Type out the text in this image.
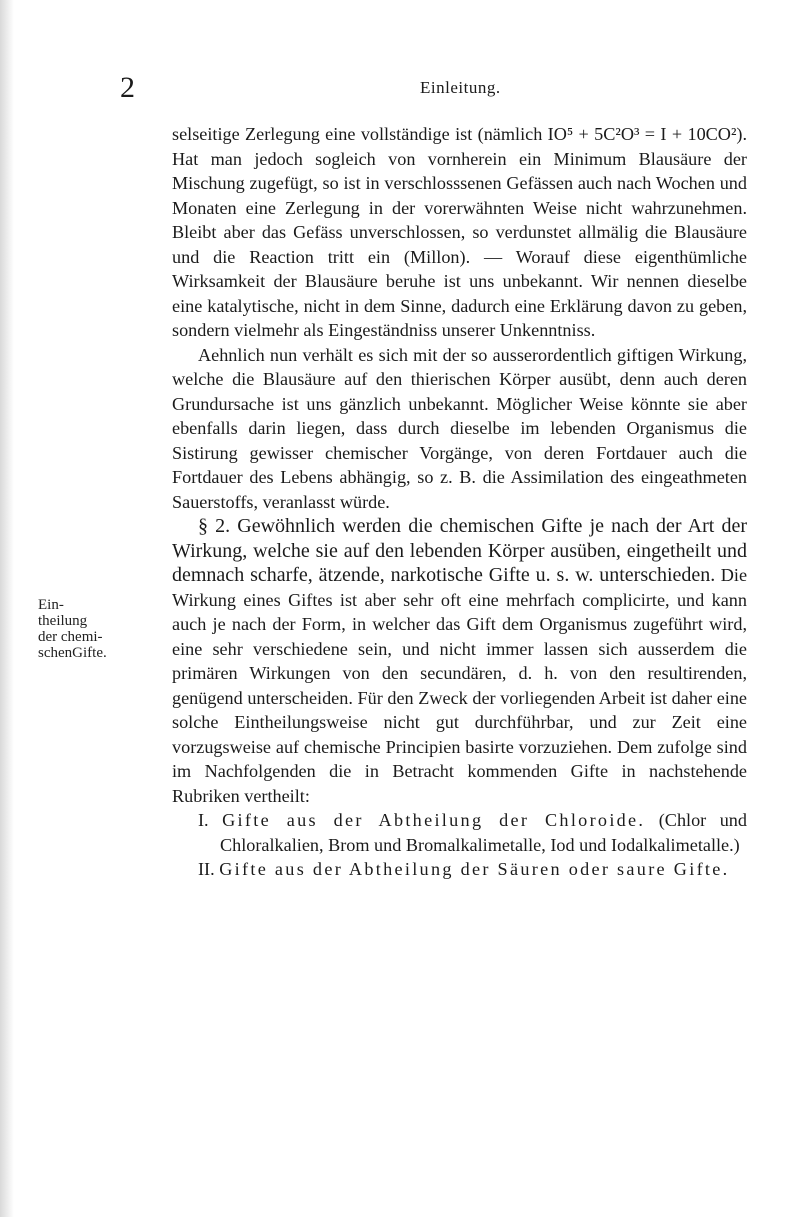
2	Einleitung.
Ein-
theilung
der chemi-
schenGifte.

selseitige Zerlegung eine vollständige ist (nämlich IO⁵ + 5C²O³ = I + 10CO²). Hat man jedoch sogleich von vornherein ein Minimum Blausäure der Mischung zugefügt, so ist in verschlosssenen Gefässen auch nach Wochen und Monaten eine Zerlegung in der vorerwähnten Weise nicht wahrzunehmen. Bleibt aber das Gefäss unverschlossen, so verdunstet allmälig die Blausäure und die Reaction tritt ein (Millon). — Worauf diese eigenthümliche Wirksamkeit der Blausäure beruhe ist uns unbekannt. Wir nennen dieselbe eine katalytische, nicht in dem Sinne, dadurch eine Erklärung davon zu geben, sondern vielmehr als Eingeständniss unserer Unkenntniss.

Aehnlich nun verhält es sich mit der so ausserordentlich giftigen Wirkung, welche die Blausäure auf den thierischen Körper ausübt, denn auch deren Grundursache ist uns gänzlich unbekannt. Möglicher Weise könnte sie aber ebenfalls darin liegen, dass durch dieselbe im lebenden Organismus die Sistirung gewisser chemischer Vorgänge, von deren Fortdauer auch die Fortdauer des Lebens abhängig, so z. B. die Assimilation des eingeathmeten Sauerstoffs, veranlasst würde.

§ 2. Gewöhnlich werden die chemischen Gifte je nach der Art der Wirkung, welche sie auf den lebenden Körper ausüben, eingetheilt und demnach scharfe, ätzende, narkotische Gifte u. s. w. unterschieden. Die Wirkung eines Giftes ist aber sehr oft eine mehrfach complicirte, und kann auch je nach der Form, in welcher das Gift dem Organismus zugeführt wird, eine sehr verschiedene sein, und nicht immer lassen sich ausserdem die primären Wirkungen von den secundären, d. h. von den resultirenden, genügend unterscheiden. Für den Zweck der vorliegenden Arbeit ist daher eine solche Eintheilungsweise nicht gut durchführbar, und zur Zeit eine vorzugsweise auf chemische Principien basirte vorzuziehen. Dem zufolge sind im Nachfolgenden die in Betracht kommenden Gifte in nachstehende Rubriken vertheilt:

I. Gifte aus der Abtheilung der Chloroide. (Chlor und Chloralkalien, Brom und Bromalkalimetalle, Iod und Iodalkalimetalle.)

II. Gifte aus der Abtheilung der Säuren oder saure Gifte.
